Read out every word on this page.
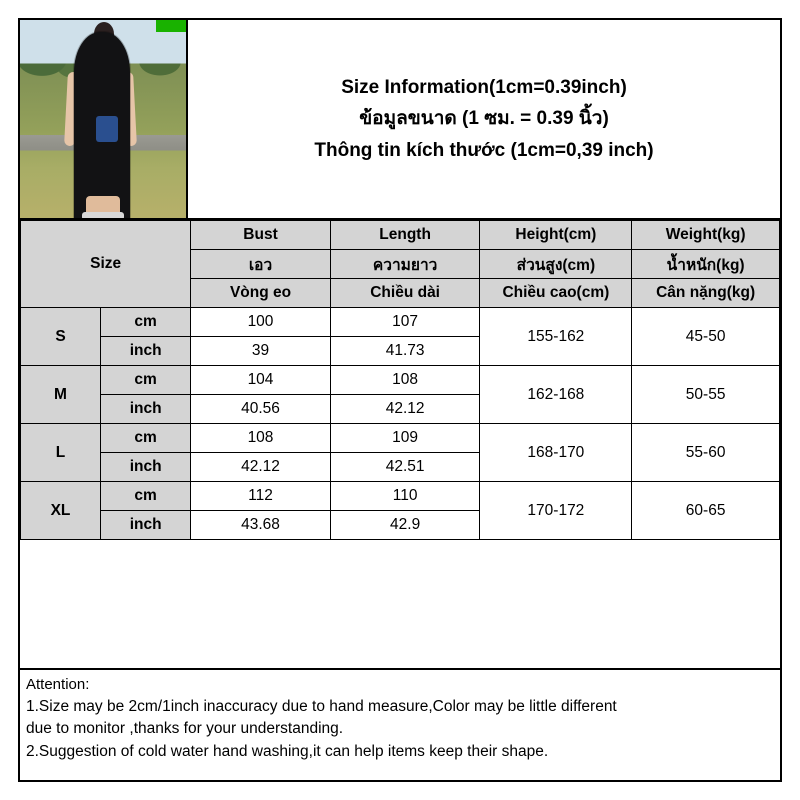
Size Information(1cm=0.39inch)
ข้อมูลขนาด (1 ซม. = 0.39 นิ้ว)
Thông tin kích thước (1cm=0,39 inch)
Size		Bust	Length	Height(cm)	Weight(kg)
		เอว	ความยาว	ส่วนสูง(cm)	น้ำหนัก(kg)
		Vòng eo	Chiều dài	Chiều cao(cm)	Cân nặng(kg)
S	cm	100	107	155-162	45-50
	inch	39	41.73		
M	cm	104	108	162-168	50-55
	inch	40.56	42.12		
L	cm	108	109	168-170	55-60
	inch	42.12	42.51		
XL	cm	112	110	170-172	60-65
	inch	43.68	42.9		
Attention:
1.Size may be 2cm/1inch inaccuracy due to hand measure,Color may be little different
due to monitor ,thanks for your understanding.
2.Suggestion of cold water hand washing,it can help items keep their shape.
